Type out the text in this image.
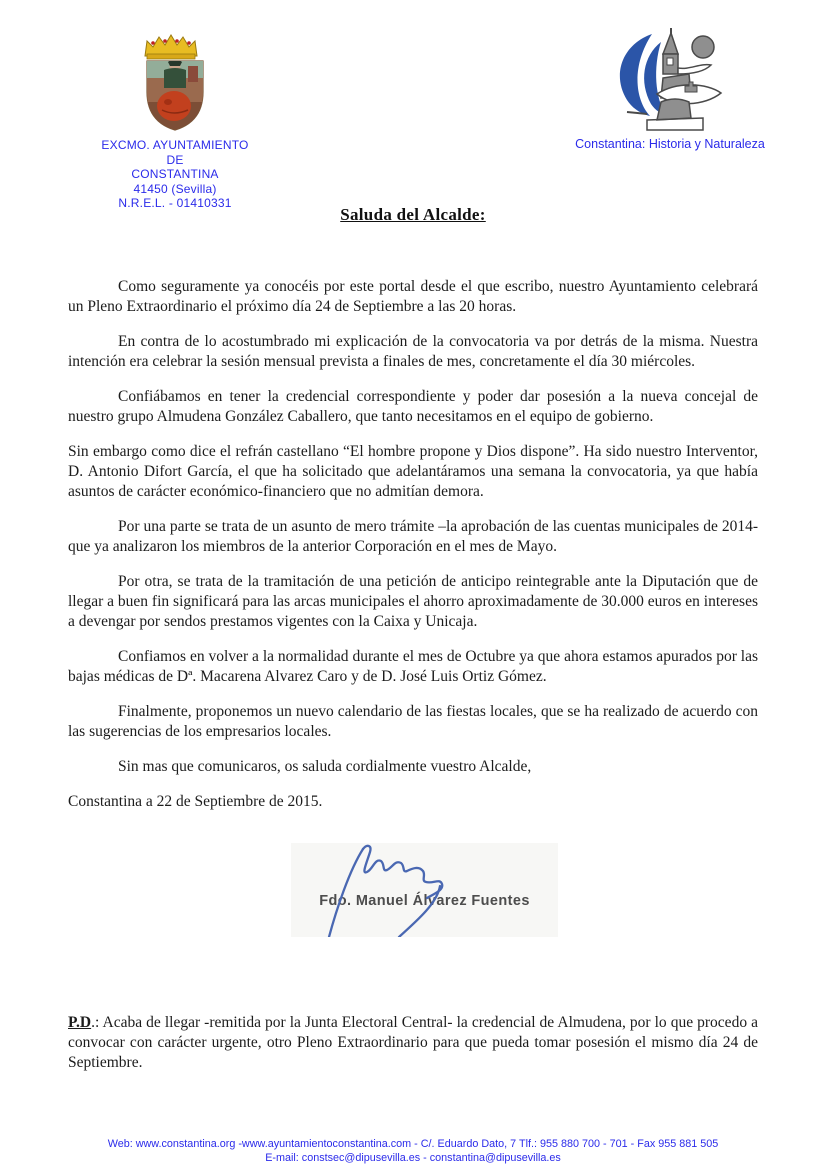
EXCMO. AYUNTAMIENTO
DE
CONSTANTINA
41450 (Sevilla)
N.R.E.L. - 01410331
Constantina: Historia y Naturaleza
Saluda del Alcalde:

Como seguramente ya conocéis por este portal desde el que escribo, nuestro Ayuntamiento celebrará un Pleno Extraordinario el próximo día 24 de Septiembre a las 20 horas.

En contra de lo acostumbrado mi explicación de la convocatoria va por detrás de la misma. Nuestra intención era celebrar la sesión mensual prevista a finales de mes, concretamente el día 30 miércoles.

Confiábamos en tener la credencial correspondiente y poder dar posesión a la nueva concejal de nuestro grupo Almudena González Caballero, que tanto necesitamos en el equipo de gobierno.

Sin embargo como dice el refrán castellano “El hombre propone y Dios dispone”. Ha sido nuestro Interventor, D. Antonio Difort García, el que ha solicitado que adelantáramos una semana la convocatoria, ya que había asuntos de carácter económico-financiero que no admitían demora.

Por una parte se trata de un asunto de mero trámite –la aprobación de las cuentas municipales de 2014- que ya analizaron los miembros de la anterior Corporación en el mes de Mayo.

Por otra, se trata de la tramitación de una petición de anticipo reintegrable ante la Diputación que de llegar a buen fin significará para las arcas municipales el ahorro aproximadamente de 30.000 euros en intereses a devengar por sendos prestamos vigentes con la Caixa y Unicaja.

Confiamos en volver a la normalidad durante el mes de Octubre ya que ahora estamos apurados por las bajas médicas de Dª. Macarena Alvarez Caro y de D. José Luis Ortiz Gómez.

Finalmente, proponemos un nuevo calendario de las fiestas locales, que se ha realizado de acuerdo con las sugerencias de los empresarios locales.

Sin mas que comunicaros, os saluda cordialmente vuestro Alcalde,

Constantina a 22 de Septiembre de 2015.

Fdo. Manuel Álvarez Fuentes
P.D.: Acaba de llegar -remitida por la Junta Electoral Central- la credencial de Almudena, por lo que procedo a convocar con carácter urgente, otro Pleno Extraordinario para que pueda tomar posesión el mismo día 24 de Septiembre.
Web: www.constantina.org -www.ayuntamientoconstantina.com - C/. Eduardo Dato, 7 Tlf.: 955 880 700 - 701 - Fax 955 881 505
E-mail: constsec@dipusevilla.es - constantina@dipusevilla.es
